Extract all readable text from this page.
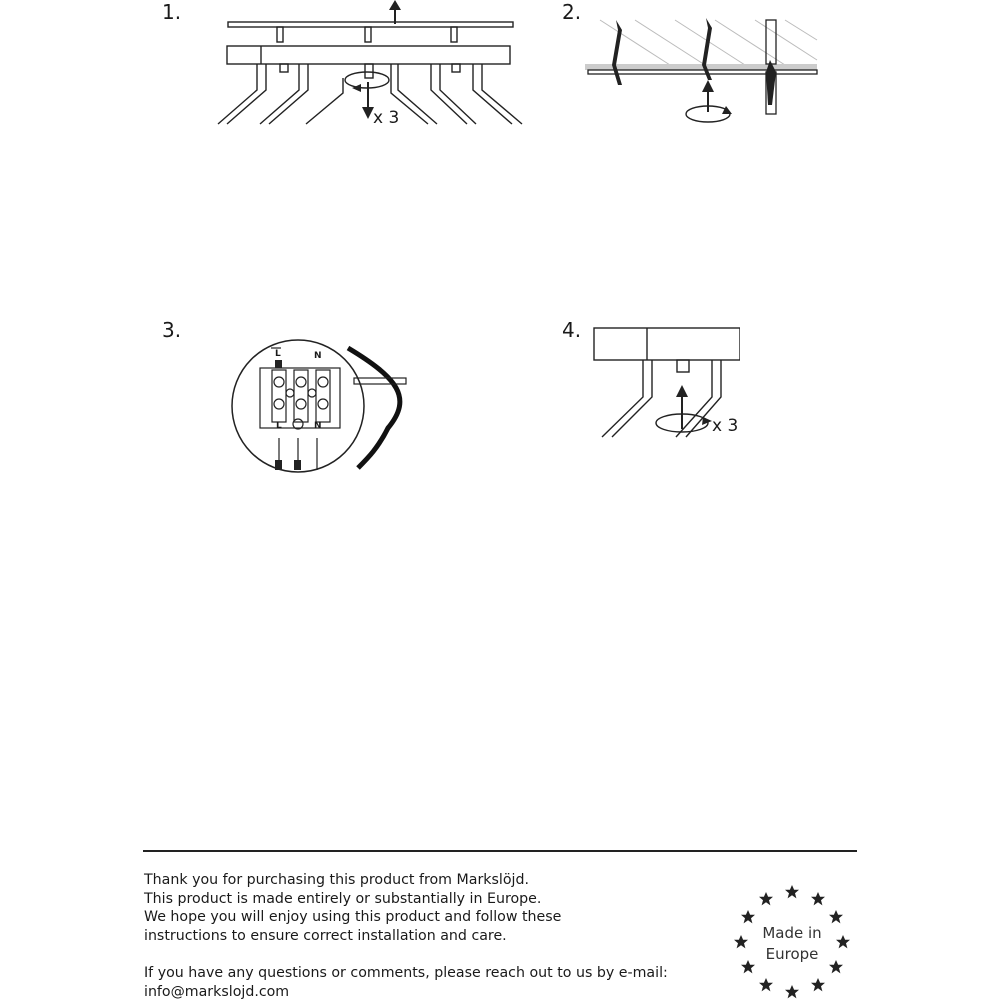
1.	2.
3.	4.
x 3
L	N
L	N	x 3

Thank you for purchasing this product from Markslöjd.

This product is made entirely or substantially in Europe.

We hope you will enjoy using this product and follow these

instructions to ensure correct installation and care.

If you have any questions or comments, please reach out to us by e-mail:

info@markslojd.com

Made in
Europe
